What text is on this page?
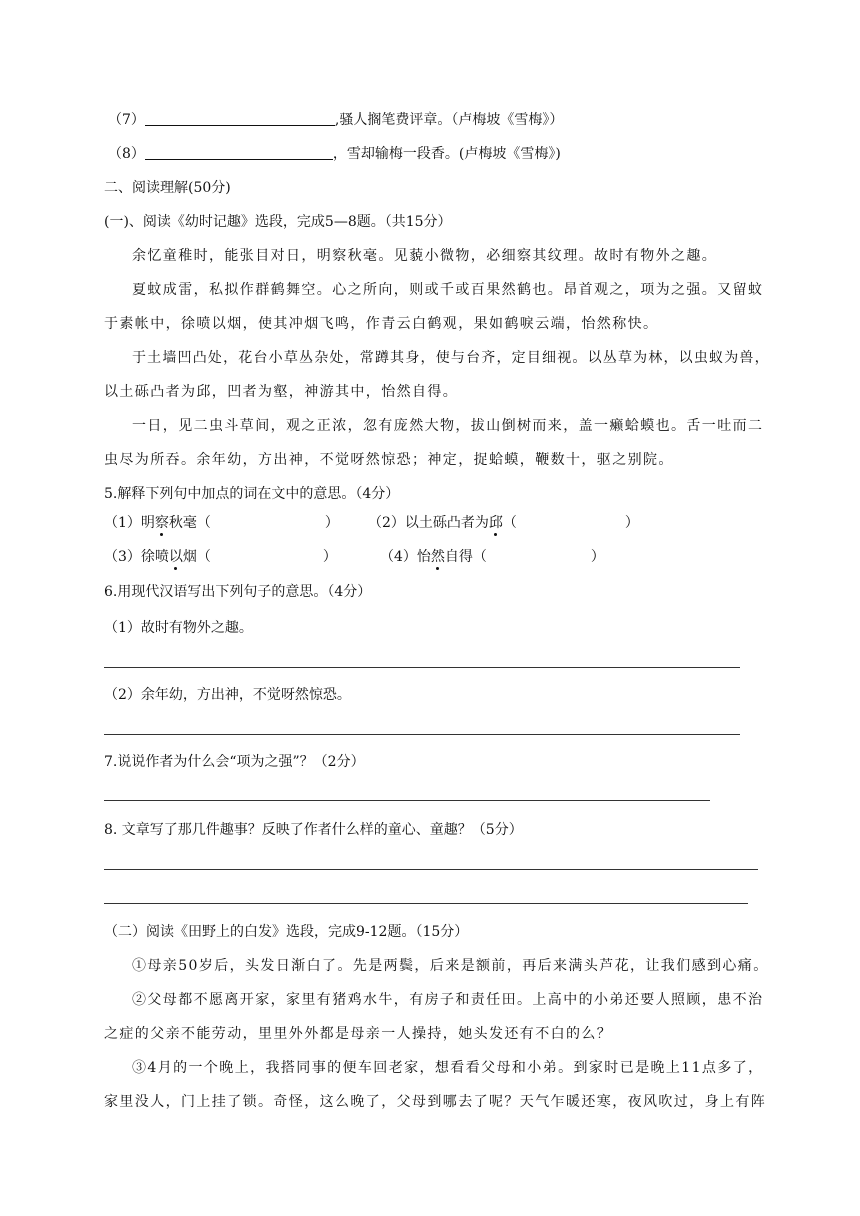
（7）	,骚人搁笔费评章。（卢梅坡《雪梅》）
（8）	，雪却输梅一段香。(卢梅坡《雪梅》)
二、阅读理解(50分)
(一)、阅读《幼时记趣》选段，完成5—8题。（共15分）
余忆童稚时，能张目对日，明察秋毫。见藐小微物，必细察其纹理。故时有物外之趣。
夏蚊成雷，私拟作群鹤舞空。心之所向，则或千或百果然鹤也。昂首观之，项为之强。又留蚊
于素帐中，徐喷以烟，使其冲烟飞鸣，作青云白鹤观，果如鹤唳云端，怡然称快。
于土墙凹凸处，花台小草丛杂处，常蹲其身，使与台齐，定目细视。以丛草为林，以虫蚁为兽，
以土砾凸者为邱，凹者为壑，神游其中，怡然自得。
一日，见二虫斗草间，观之正浓，忽有庞然大物，拔山倒树而来，盖一癞蛤蟆也。舌一吐而二
虫尽为所吞。余年幼，方出神，不觉呀然惊恐；神定，捉蛤蟆，鞭数十，驱之别院。
5.解释下列句中加点的词在文中的意思。（4分）
（1）明察秋毫（	） （2）以土砾凸者为邱（	）
（3）徐喷以烟（	）	（4）怡然自得（	）
6.用现代汉语写出下列句子的意思。（4分）
（1）故时有物外之趣。
（2）余年幼，方出神，不觉呀然惊恐。
7.说说作者为什么会“项为之强”？（2分）
8. 文章写了那几件趣事？反映了作者什么样的童心、童趣？（5分）
（二）阅读《田野上的白发》选段，完成9-12题。（15分）
①母亲50岁后，头发日渐白了。先是两鬓，后来是额前，再后来满头芦花，让我们感到心痛。
②父母都不愿离开家，家里有猪鸡水牛，有房子和责任田。上高中的小弟还要人照顾，患不治
之症的父亲不能劳动，里里外外都是母亲一人操持，她头发还有不白的么？
③4月的一个晚上，我搭同事的便车回老家，想看看父母和小弟。到家时已是晚上11点多了，
家里没人，门上挂了锁。奇怪，这么晚了，父母到哪去了呢？天气乍暖还寒，夜风吹过，身上有阵
